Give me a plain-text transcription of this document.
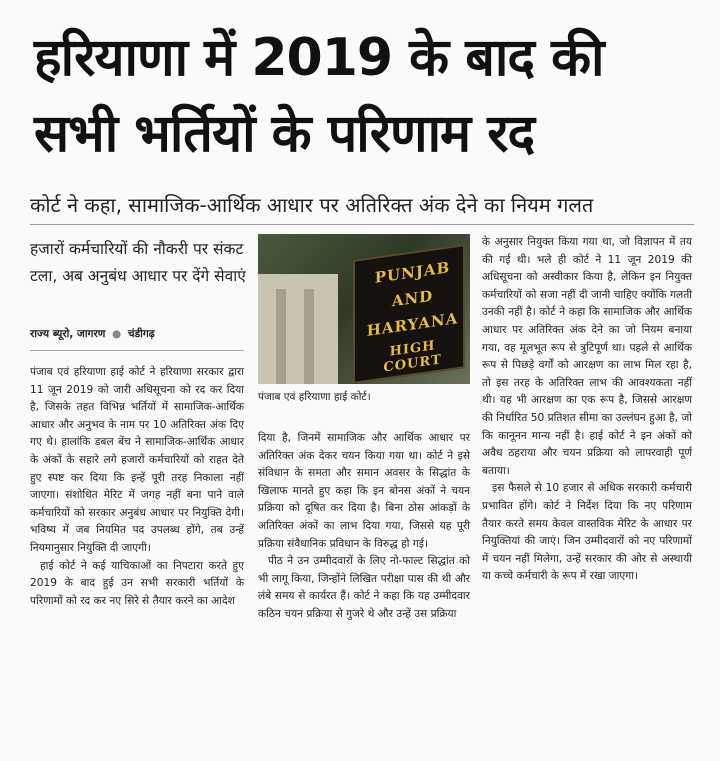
हरियाणा में 2019 के बाद की सभी भर्तियों के परिणाम रद
कोर्ट ने कहा, सामाजिक-आर्थिक आधार पर अतिरिक्त अंक देने का नियम गलत
हजारों कर्मचारियों की नौकरी पर संकट टला, अब अनुबंध आधार पर देंगे सेवाएं
राज्य ब्यूरो, जागरण ● चंडीगढ़
PUNJAB
AND
HARYANA
HIGH COURT
पंजाब एवं हरियाणा हाई कोर्ट।

पंजाब एवं हरियाणा हाई कोर्ट ने हरियाणा सरकार द्वारा 11 जून 2019 को जारी अधिसूचना को रद कर दिया है, जिसके तहत विभिन्न भर्तियों में सामाजिक-आर्थिक आधार और अनुभव के नाम पर 10 अतिरिक्त अंक दिए गए थे। हालांकि डबल बेंच ने सामाजिक-आर्थिक आधार के अंकों के सहारे लगे हजारों कर्मचारियों को राहत देते हुए स्पष्ट कर दिया कि इन्हें पूरी तरह निकाला नहीं जाएगा। संशोधित मेरिट में जगह नहीं बना पाने वाले कर्मचारियों को सरकार अनुबंध आधार पर नियुक्ति देगी। भविष्य में जब नियमित पद उपलब्ध होंगे, तब उन्हें नियमानुसार नियुक्ति दी जाएगी।

हाई कोर्ट ने कई याचिकाओं का निपटारा करते हुए 2019 के बाद हुई उन सभी सरकारी भर्तियों के परिणामों को रद कर नए सिरे से तैयार करने का आदेश

दिया है, जिनमें सामाजिक और आर्थिक आधार पर अतिरिक्त अंक देकर चयन किया गया था। कोर्ट ने इसे संविधान के समता और समान अवसर के सिद्धांत के खिलाफ मानते हुए कहा कि इन बोनस अंकों ने चयन प्रक्रिया को दूषित कर दिया है। बिना ठोस आंकड़ों के अतिरिक्त अंकों का लाभ दिया गया, जिससे यह पूरी प्रक्रिया संवैधानिक प्रविधान के विरुद्ध हो गई।

पीठ ने उन उम्मीदवारों के लिए नो-फाल्ट सिद्धांत को भी लागू किया, जिन्होंने लिखित परीक्षा पास की थी और लंबे समय से कार्यरत हैं। कोर्ट ने कहा कि यह उम्मीदवार कठिन चयन प्रक्रिया से गुजरे थे और उन्हें उस प्रक्रिया

के अनुसार नियुक्त किया गया था, जो विज्ञापन में तय की गई थी। भले ही कोर्ट ने 11 जून 2019 की अधिसूचना को अस्वीकार किया है, लेकिन इन नियुक्त कर्मचारियों को सजा नहीं दी जानी चाहिए क्योंकि गलती उनकी नहीं है। कोर्ट ने कहा कि सामाजिक और आर्थिक आधार पर अतिरिक्त अंक देने का जो नियम बनाया गया, वह मूलभूत रूप से त्रुटिपूर्ण था। पहले से आर्थिक रूप से पिछड़े वर्गों को आरक्षण का लाभ मिल रहा है, तो इस तरह के अतिरिक्त लाभ की आवश्यकता नहीं थी। यह भी आरक्षण का एक रूप है, जिससे आरक्षण की निर्धारित 50 प्रतिशत सीमा का उल्लंघन हुआ है, जो कि कानूनन मान्य नहीं है। हाई कोर्ट ने इन अंकों को अवैध ठहराया और चयन प्रक्रिया को लापरवाही पूर्ण बताया।

इस फैसले से 10 हजार से अधिक सरकारी कर्मचारी प्रभावित होंगे। कोर्ट ने निर्देश दिया कि नए परिणाम तैयार करते समय केवल वास्तविक मेरिट के आधार पर नियुक्तियां की जाएं। जिन उम्मीदवारों को नए परिणामों में चयन नहीं मिलेगा, उन्हें सरकार की ओर से अस्थायी या कच्चे कर्मचारी के रूप में रखा जाएगा।
